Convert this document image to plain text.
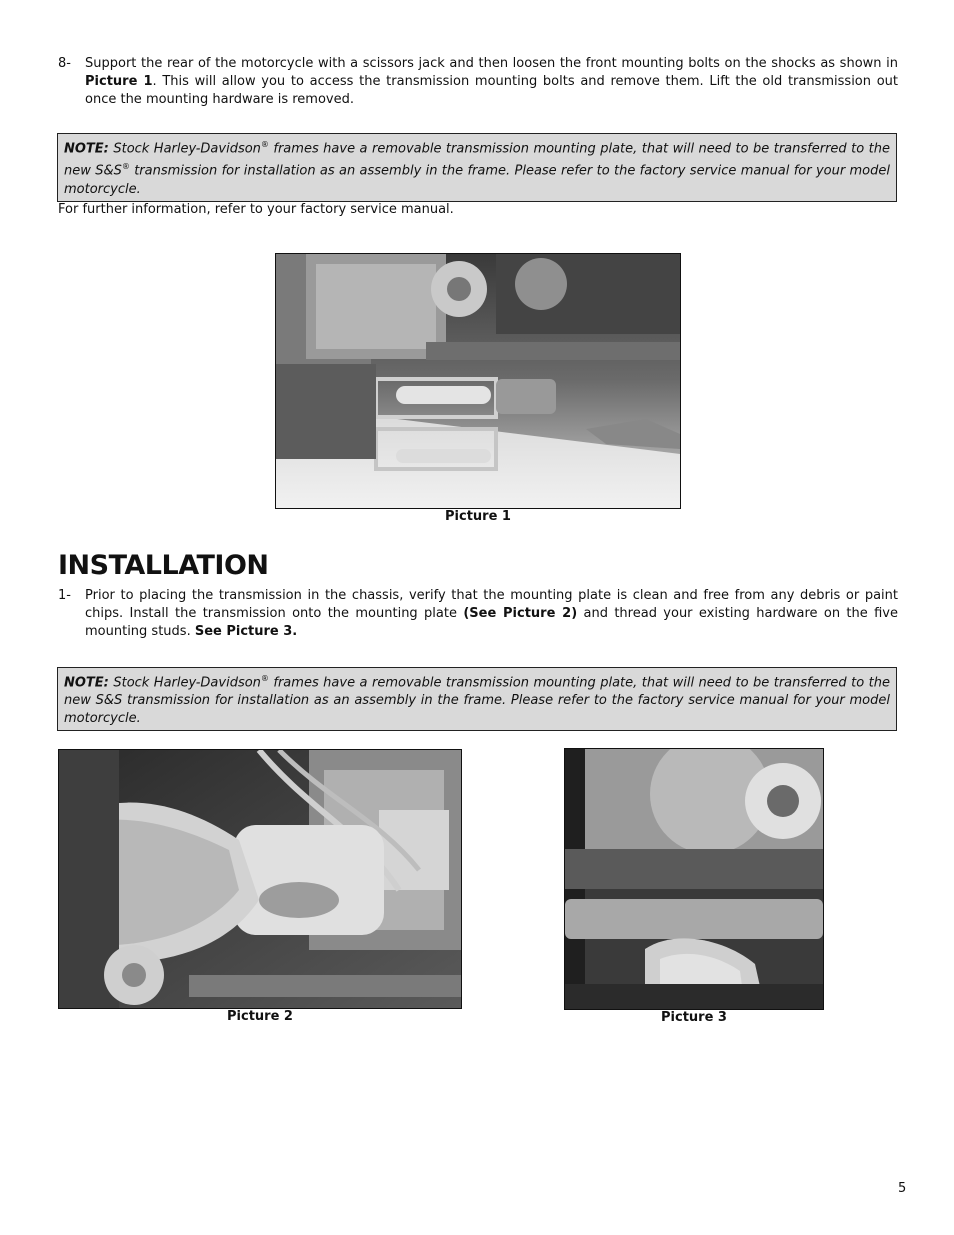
8- Support the rear of the motorcycle with a scissors jack and then loosen the front mounting bolts on the shocks as shown in Picture 1. This will allow you to access the transmission mounting bolts and remove them. Lift the old transmission out once the mounting hardware is removed.
NOTE: Stock Harley-Davidson® frames have a removable transmission mounting plate, that will need to be transferred to the new S&S® transmission for installation as an assembly in the frame. Please refer to the factory service manual for your model motorcycle.
For further information, refer to your factory service manual.
Picture 1
INSTALLATION
1- Prior to placing the transmission in the chassis, verify that the mounting plate is clean and free from any debris or paint chips. Install the transmission onto the mounting plate (See Picture 2) and thread your existing hardware on the five mounting studs. See Picture 3.
NOTE: Stock Harley-Davidson® frames have a removable transmission mounting plate, that will need to be transferred to the new S&S transmission for installation as an assembly in the frame. Please refer to the factory service manual for your model motorcycle.
Picture 2	Picture 3
5
